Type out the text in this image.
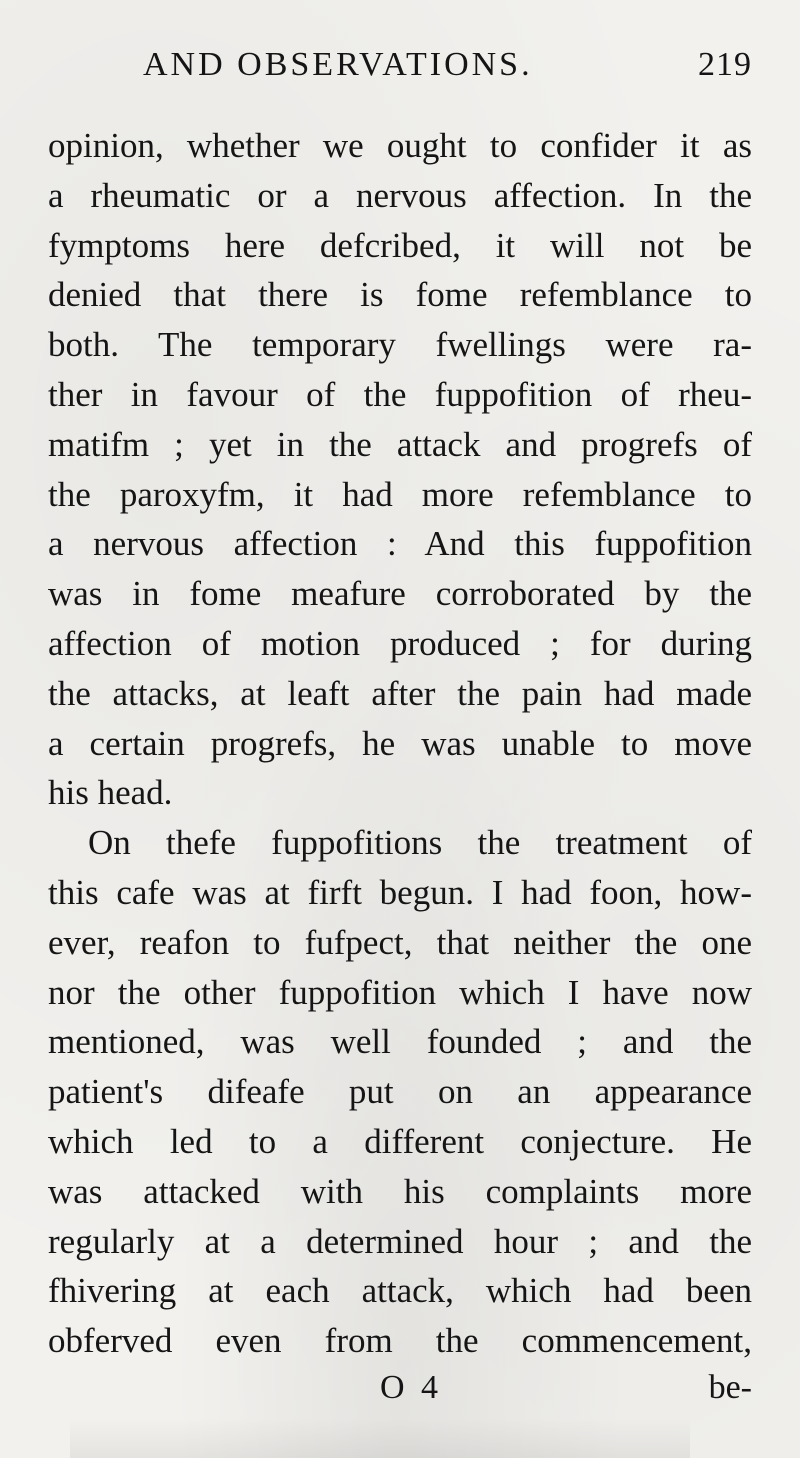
AND OBSERVATIONS.	219
opinion, whether we ought to confider it as
a rheumatic or a nervous affection. In the
fymptoms here defcribed, it will not be
denied that there is fome refemblance to
both. The temporary fwellings were ra-
ther in favour of the fuppofition of rheu-
matifm ; yet in the attack and progrefs of
the paroxyfm, it had more refemblance to
a nervous affection : And this fuppofition
was in fome meafure corroborated by the
affection of motion produced ; for during
the attacks, at leaft after the pain had made
a certain progrefs, he was unable to move
his head.
On thefe fuppofitions the treatment of
this cafe was at firft begun. I had foon, how-
ever, reafon to fufpect, that neither the one
nor the other fuppofition which I have now
mentioned, was well founded ; and the
patient's difeafe put on an appearance
which led to a different conjecture. He
was attacked with his complaints more
regularly at a determined hour ; and the
fhivering at each attack, which had been
obferved even from the commencement,
O 4	be-
